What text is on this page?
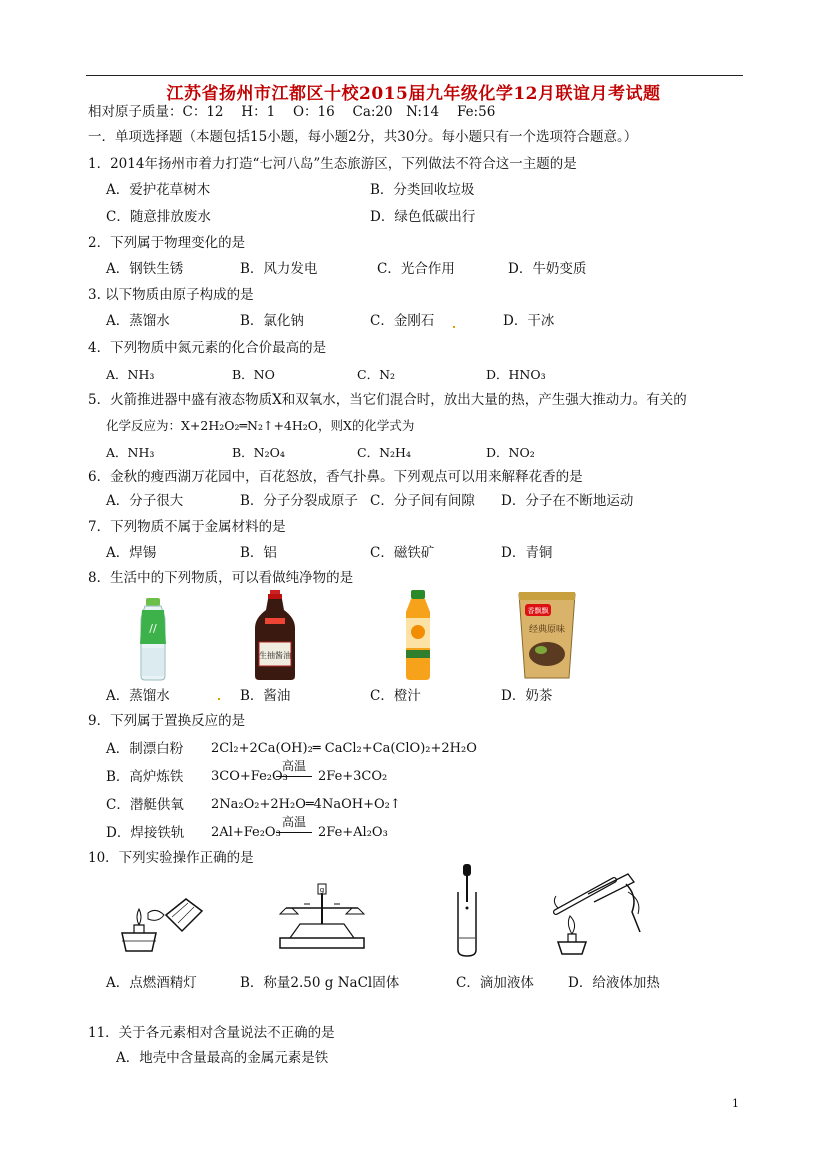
江苏省扬州市江都区十校2015届九年级化学12月联谊月考试题
相对原子质量：C：12　 H：1　 O：16　 Ca:20　N:14　 Fe:56
一．单项选择题（本题包括15小题，每小题2分，共30分。每小题只有一个选项符合题意。）
1．2014年扬州市着力打造“七河八岛”生态旅游区，下列做法不符合这一主题的是
A．爱护花草树木	B．分类回收垃圾
C．随意排放废水	D．绿色低碳出行
2．下列属于物理变化的是
A．钢铁生锈	B．风力发电	C．光合作用	D．牛奶变质
3. 以下物质由原子构成的是
A．蒸馏水	B．氯化钠	C．金刚石	D．干冰
4．下列物质中氮元素的化合价最高的是
A．NH₃	B．NO	C．N₂	D．HNO₃
5．火箭推进器中盛有液态物质X和双氧水，当它们混合时，放出大量的热，产生强大推动力。有关的
化学反应为：X+2H₂O₂═N₂↑+4H₂O，则X的化学式为
A．NH₃	B．N₂O₄	C．N₂H₄	D．NO₂
6．金秋的瘦西湖万花园中，百花怒放，香气扑鼻。下列观点可以用来解释花香的是
A．分子很大	B．分子分裂成原子 C．分子间有间隙 D．分子在不断地运动
7．下列物质不属于金属材料的是
A．焊锡	B．铝	C．磁铁矿	D．青铜
8．生活中的下列物质，可以看做纯净物的是
//
生抽酱油
香飘飘
经典原味
A．蒸馏水	B．酱油	C．橙汁	D．奶茶
9．下列属于置换反应的是
A．制漂白粉 2Cl₂+2Ca(OH)₂═ CaCl₂+Ca(ClO)₂+2H₂O
B．高炉炼铁 3CO+Fe₂O₃
高温
2Fe+3CO₂
C．潜艇供氧 2Na₂O₂+2H₂O═4NaOH+O₂↑
D．焊接铁轨 2Al+Fe₂O₃
高温
2Fe+Al₂O₃
10．下列实验操作正确的是
g
A．点燃酒精灯	B．称量2.50 g NaCl固体	C．滴加液体	D．给液体加热
11．关于各元素相对含量说法不正确的是
A．地壳中含量最高的金属元素是铁
1
